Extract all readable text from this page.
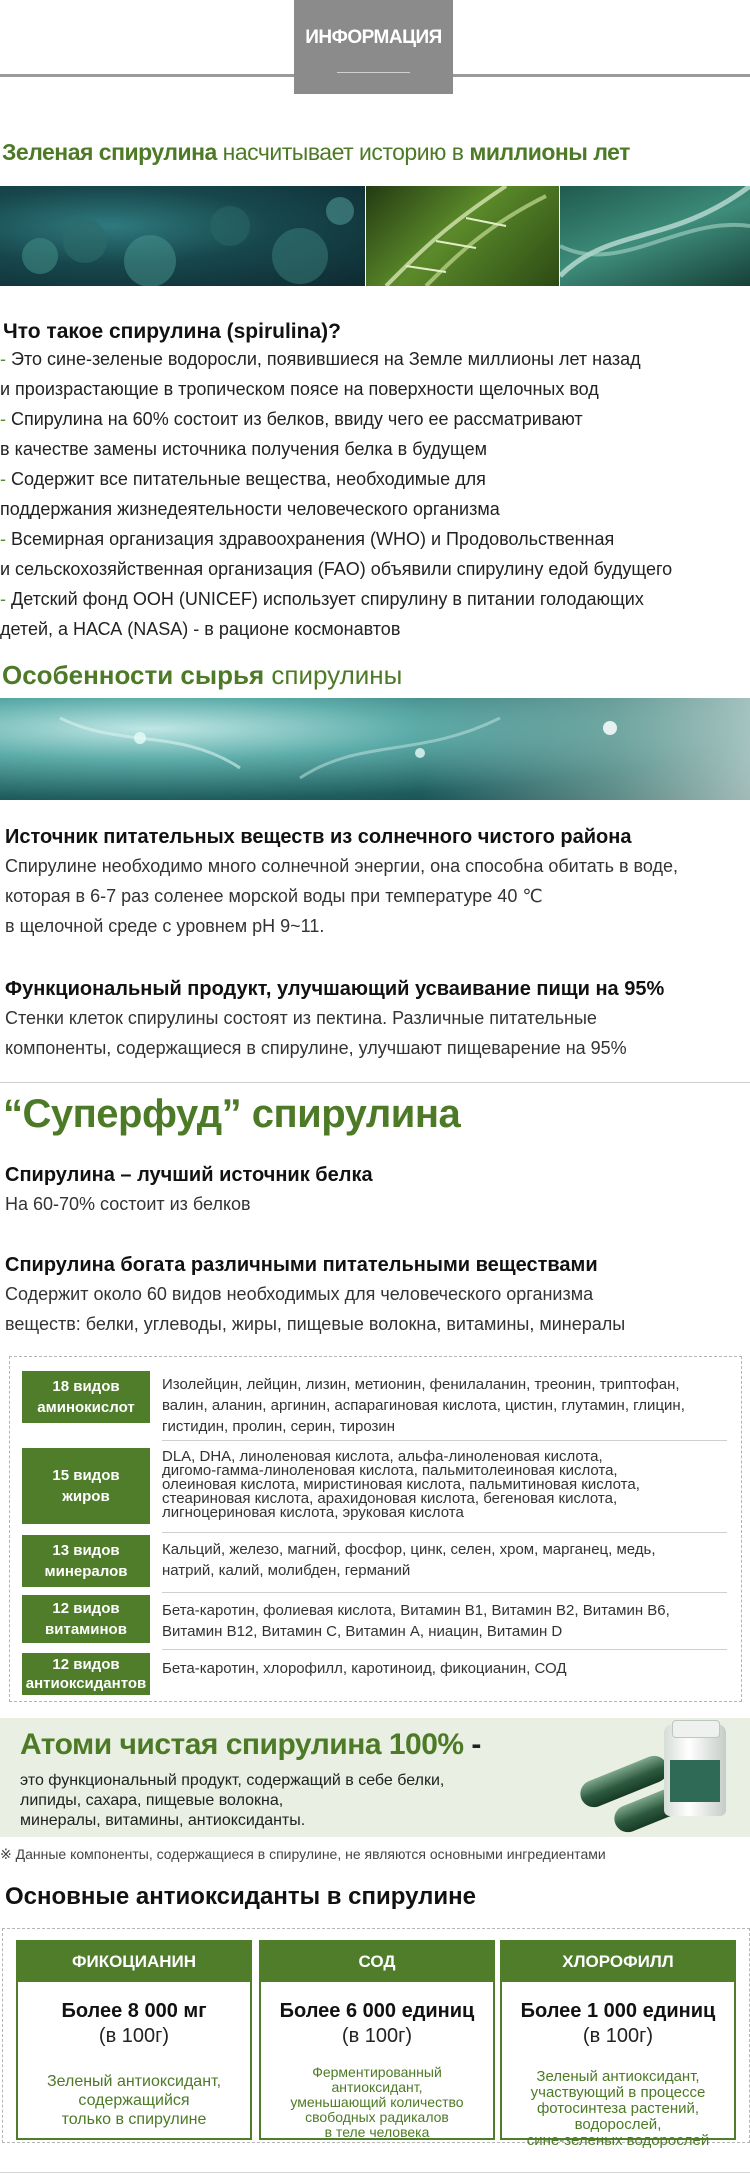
ИНФОРМАЦИЯ
Зеленая спирулина насчитывает историю в миллионы лет
Что такое спирулина (spirulina)?
- Это сине-зеленые водоросли, появившиеся на Земле миллионы лет назад
и произрастающие в тропическом поясе на поверхности щелочных вод
- Спирулина на 60% состоит из белков, ввиду чего ее рассматривают
в качестве замены источника получения белка в будущем
- Содержит все питательные вещества, необходимые для
поддержания жизнедеятельности человеческого организма
- Всемирная организация здравоохранения (WHO) и Продовольственная
и сельскохозяйственная организация (FAO) объявили спирулину едой будущего
- Детский фонд ООН (UNICEF) использует спирулину в питании голодающих
детей, а НАСА (NASA) - в рационе космонавтов
Особенности сырья спирулины
Источник питательных веществ из солнечного чистого района
Спирулине необходимо много солнечной энергии, она способна обитать в воде,
которая в 6-7 раз соленее морской воды при температуре 40 ℃
в щелочной среде с уровнем pH 9~11.
Функциональный продукт, улучшающий усваивание пищи на 95%
Стенки клеток спирулины состоят из пектина. Различные питательные
компоненты, содержащиеся в спирулине, улучшают пищеварение на 95%
“Суперфуд” спирулина
Спирулина – лучший источник белка
На 60-70% состоит из белков
Спирулина богата различными питательными веществами
Содержит около 60 видов необходимых для человеческого организма
веществ: белки, углеводы, жиры, пищевые волокна, витамины, минералы
18 видов
аминокислот
Изолейцин, лейцин, лизин, метионин, фенилаланин, треонин, триптофан,
валин, аланин, аргинин, аспарагиновая кислота, цистин, глутамин, глицин,
гистидин, пролин, серин, тирозин
15 видов
жиров
DLA, DHA, линоленовая кислота, альфа-линоленовая кислота,
дигомо-гамма-линоленовая кислота, пальмитолеиновая кислота,
олеиновая кислота, миристиновая кислота, пальмитиновая кислота,
стеариновая кислота, арахидоновая кислота, бегеновая кислота,
лигноцериновая кислота, эруковая кислота
13 видов
минералов
Кальций, железо, магний, фосфор, цинк, селен, хром, марганец, медь,
натрий, калий, молибден, германий
12 видов
витаминов
Бета-каротин, фолиевая кислота, Витамин В1, Витамин В2, Витамин В6,
Витамин В12, Витамин С, Витамин А, ниацин, Витамин D
12 видов
антиоксидантов
Бета-каротин, хлорофилл, каротиноид, фикоцианин, СОД
Атоми чистая спирулина 100% -
это функциональный продукт, содержащий в себе белки,
липиды, сахара, пищевые волокна,
минералы, витамины, антиоксиданты.
※ Данные компоненты, содержащиеся в спирулине, не являются основными ингредиентами
Основные антиоксиданты в спирулине
ФИКОЦИАНИН
Более 8 000 мг
(в 100г)
Зеленый антиоксидант,
содержащийся
только в спирулине
СОД
Более 6 000 единиц
(в 100г)
Ферментированный
антиоксидант,
уменьшающий количество
свободных радикалов
в теле человека
ХЛОРОФИЛЛ
Более 1 000 единиц
(в 100г)
Зеленый антиоксидант,
участвующий в процессе
фотосинтеза растений,
водорослей,
сине-зеленых водорослей
